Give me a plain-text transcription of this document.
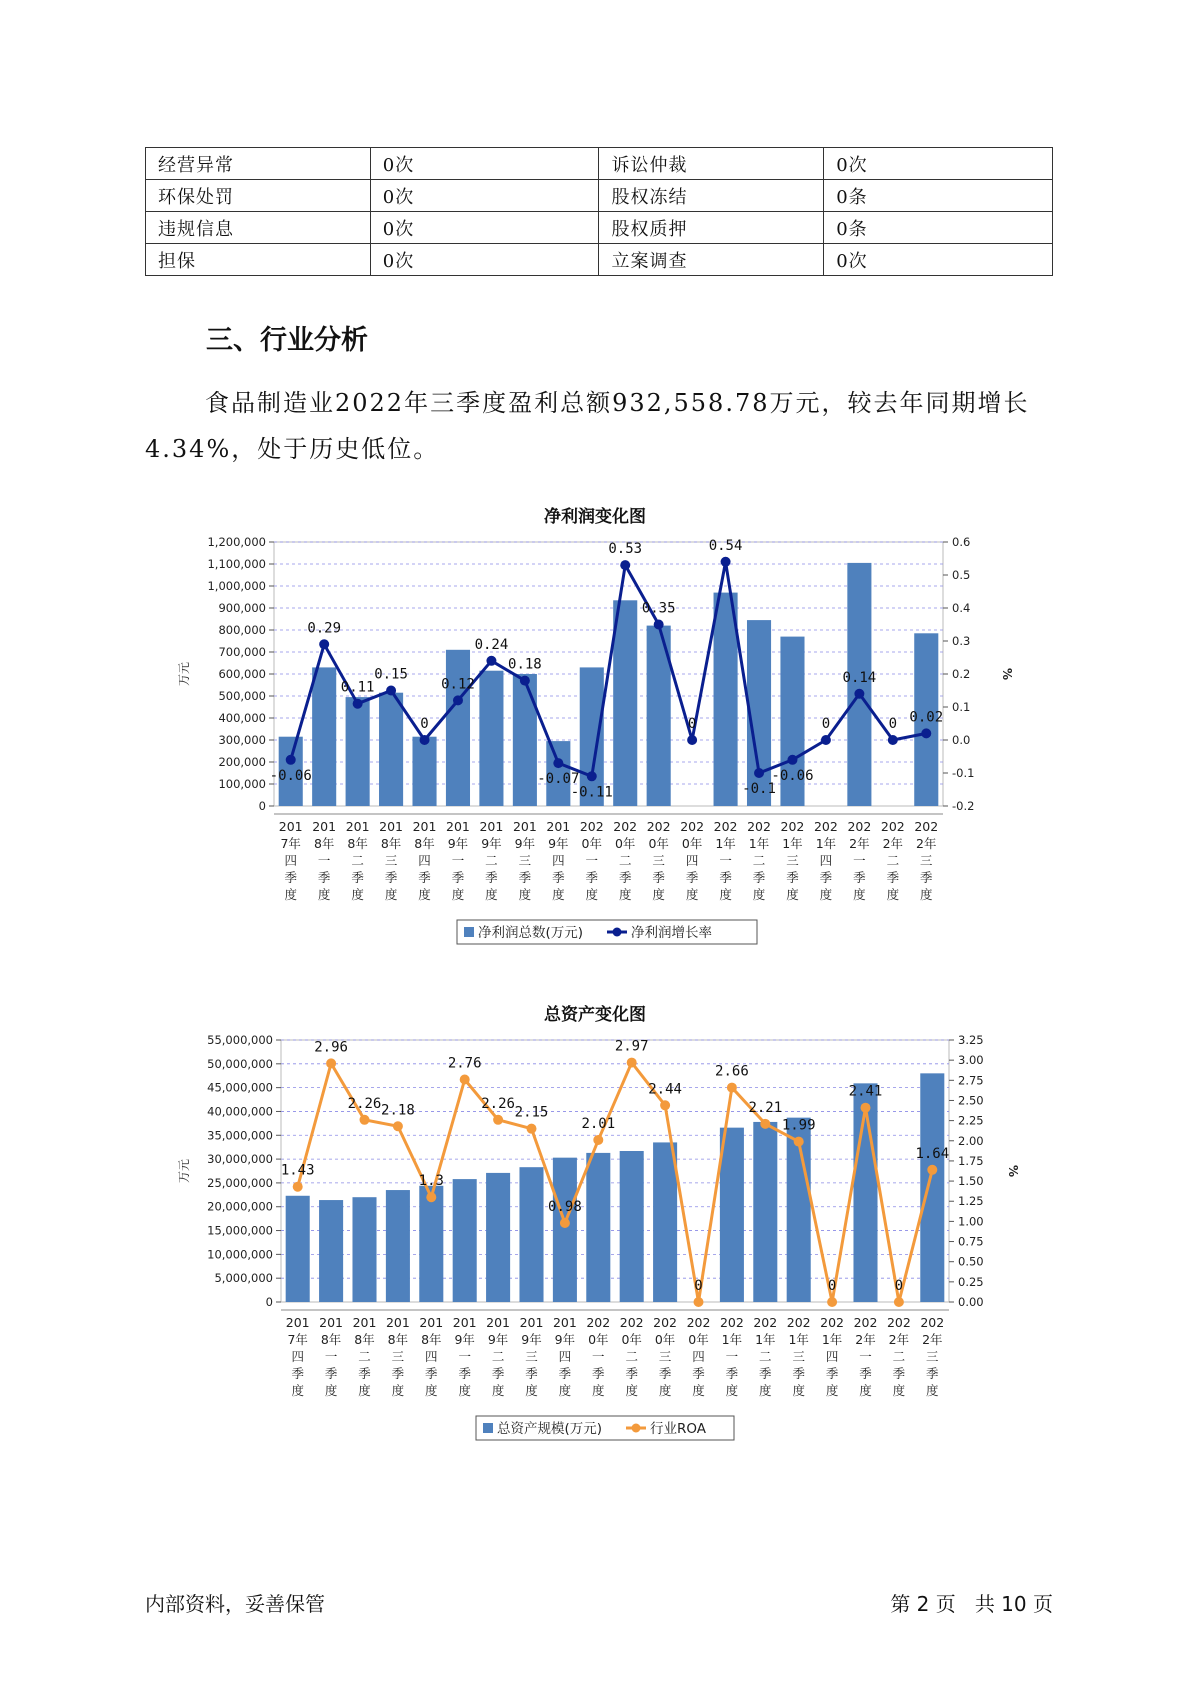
经营异常	0次	诉讼仲裁	0次
环保处罚	0次	股权冻结	0条
违规信息	0次	股权质押	0条
担保	0次	立案调查	0次
三、行业分析
食品制造业2022年三季度盈利总额932,558.78万元，较去年同期增长4.34%，处于历史低位。
净利润变化图
0
100,000
200,000
300,000
400,000
500,000
600,000
700,000
800,000
900,000
1,000,000
1,100,000
1,200,000
-0.2
-0.1
0.0
0.1
0.2
0.3
0.4
0.5
0.6
万元	%
201
7年
四
季
度
201
8年
一
季
度
201
8年
二
季
度
201
8年
三
季
度
201
8年
四
季
度
201
9年
一
季
度
201
9年
二
季
度
201
9年
三
季
度
201
9年
四
季
度
202
0年
一
季
度
202
0年
二
季
度
202
0年
三
季
度
202
0年
四
季
度
202
1年
一
季
度
202
1年
二
季
度
202
1年
三
季
度
202
1年
四
季
度
202
2年
一
季
度
202
2年
二
季
度
202
2年
三
季
度
-0.06
0.29
0.11
0.15
0
0.12
0.24
0.18
-0.07
-0.11
0.53
0.35
0
0.54
-0.1
-0.06
0
0.14
0 0.02
净利润总数(万元)	净利润增长率
总资产变化图
0
5,000,000
10,000,000
15,000,000
20,000,000
25,000,000
30,000,000
35,000,000
40,000,000
45,000,000
50,000,000
55,000,000
0.00
0.25
0.50
0.75
1.00
1.25
1.50
1.75
2.00
2.25
2.50
2.75
3.00
3.25
万元	%
201
7年
四
季
度
201
8年
一
季
度
201
8年
二
季
度
201
8年
三
季
度
201
8年
四
季
度
201
9年
一
季
度
201
9年
二
季
度
201
9年
三
季
度
201
9年
四
季
度
202
0年
一
季
度
202
0年
二
季
度
202
0年
三
季
度
202
0年
四
季
度
202
1年
一
季
度
202
1年
二
季
度
202
1年
三
季
度
202
1年
四
季
度
202
2年
一
季
度
202
2年
二
季
度
202
2年
三
季
度
1.43
2.96
2.26 2.18
1.3
2.76
2.26
2.15
0.98
2.01
2.97
2.44
0
2.66
2.21
1.99
0
2.41
0
1.64
总资产规模(万元)	行业ROA
内部资料，妥善保管	第 2 页   共 10 页
